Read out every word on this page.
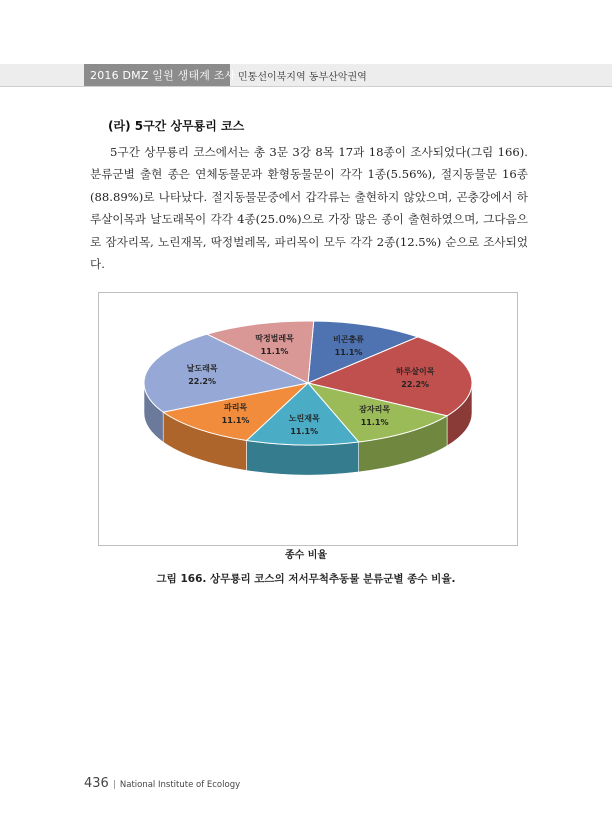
2016 DMZ 일원 생태계 조사 민통선이북지역 동부산악권역
(라) 5구간 상무룡리 코스

5구간 상무룡리 코스에서는 총 3문 3강 8목 17과 18종이 조사되었다(그림 166). 분류군별 출현 종은 연체동물문과 환형동물문이 각각 1종(5.56%), 절지동물문 16종(88.89%)로 나타났다. 절지동물문중에서 갑각류는 출현하지 않았으며, 곤충강에서 하루살이목과 날도래목이 각각 4종(25.0%)으로 가장 많은 종이 출현하였으며, 그다음으로 잠자리목, 노린재목, 딱정벌레목, 파리목이 모두 각각 2종(12.5%) 순으로 조사되었다.

비곤충류
11.1%
하루살이목
22.2%
잠자리목
11.1%
노린재목
11.1%
파리목
11.1%
날도래목
22.2%
딱정벌레목
11.1%
종수 비율
그림 166. 상무룡리 코스의 저서무척추동물 분류군별 종수 비율.
436 | National Institute of Ecology
